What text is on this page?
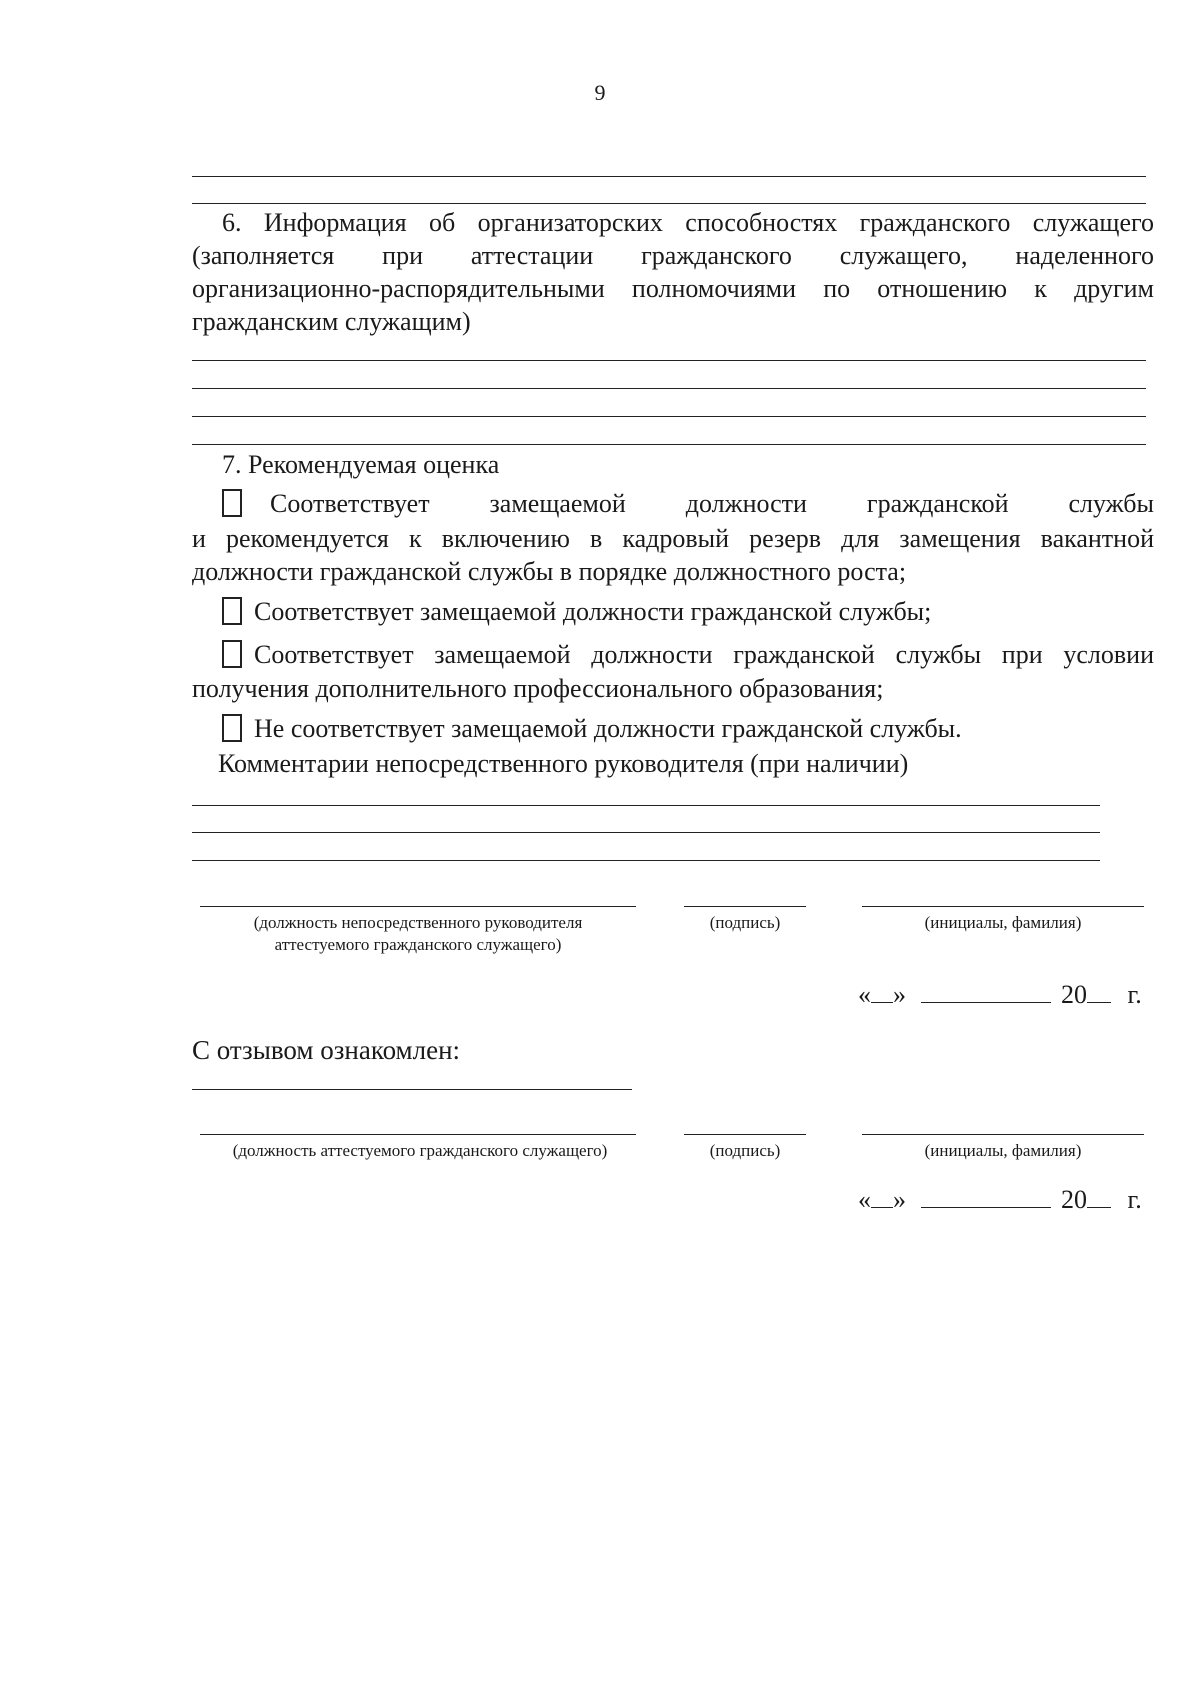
9
6. Информация об организаторских способностях гражданского служащего
(заполняется при аттестации гражданского служащего, наделенного
организационно-распорядительными полномочиями по отношению к другим
гражданским служащим)
7. Рекомендуемая оценка
Соответствует замещаемой должности гражданской службы
и рекомендуется к включению в кадровый резерв для замещения вакантной
должности гражданской службы в порядке должностного роста;
Соответствует замещаемой должности гражданской службы;
Соответствует замещаемой должности гражданской службы при условии
получения дополнительного профессионального образования;
Не соответствует замещаемой должности гражданской службы.
Комментарии непосредственного руководителя (при наличии)
(должность непосредственного руководителя
аттестуемого гражданского служащего)
(подпись)	(инициалы, фамилия)
« »	20 г.
С отзывом ознакомлен:
(должность аттестуемого гражданского служащего)	(подпись)	(инициалы, фамилия)
« »	20 г.
